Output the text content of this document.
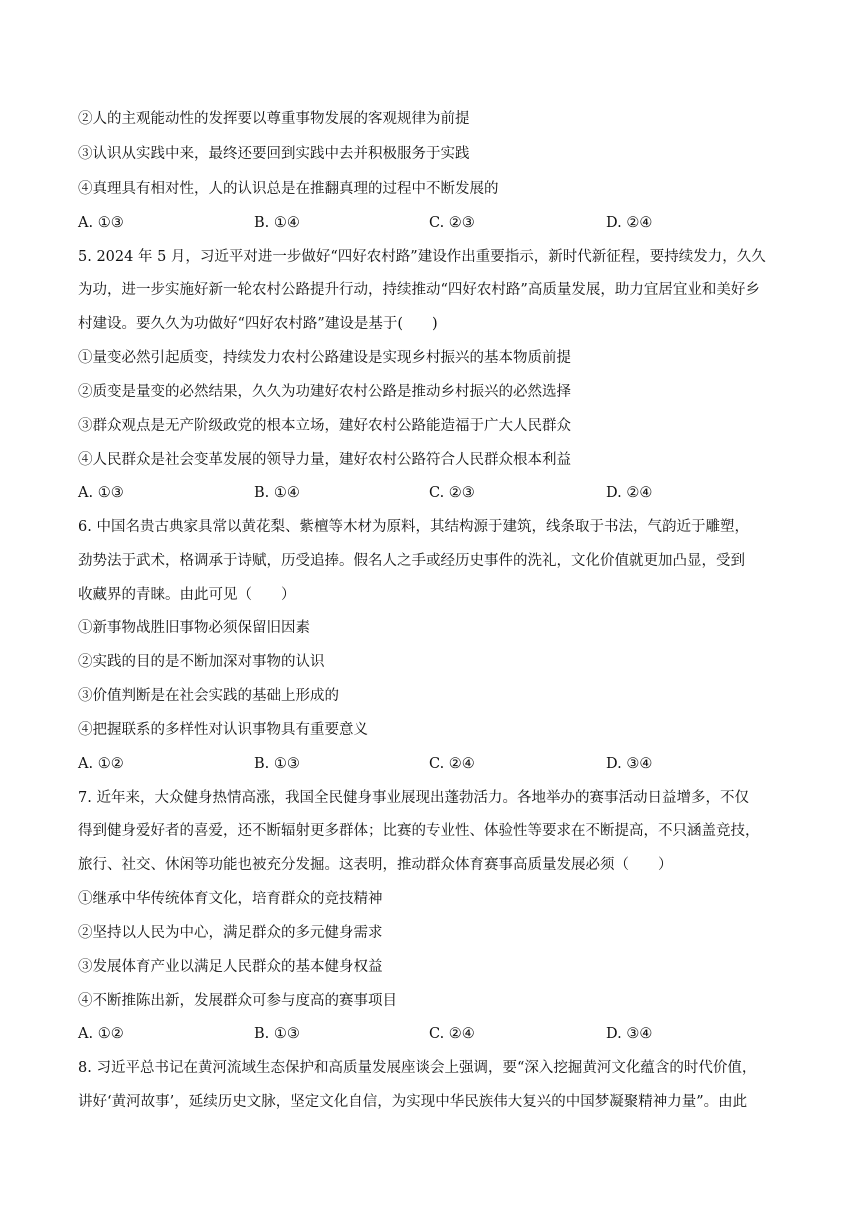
②人的主观能动性的发挥要以尊重事物发展的客观规律为前提
③认识从实践中来，最终还要回到实践中去并积极服务于实践
④真理具有相对性，人的认识总是在推翻真理的过程中不断发展的
A. ①③	B. ①④	C. ②③	D. ②④
5. 2024 年 5 月，习近平对进一步做好“四好农村路”建设作出重要指示，新时代新征程，要持续发力，久久
为功，进一步实施好新一轮农村公路提升行动，持续推动“四好农村路”高质量发展，助力宜居宜业和美好乡
村建设。要久久为功做好“四好农村路”建设是基于(　　)
①量变必然引起质变，持续发力农村公路建设是实现乡村振兴的基本物质前提
②质变是量变的必然结果，久久为功建好农村公路是推动乡村振兴的必然选择
③群众观点是无产阶级政党的根本立场，建好农村公路能造福于广大人民群众
④人民群众是社会变革发展的领导力量，建好农村公路符合人民群众根本利益
A. ①③	B. ①④	C. ②③	D. ②④
6. 中国名贵古典家具常以黄花梨、紫檀等木材为原料，其结构源于建筑，线条取于书法，气韵近于雕塑，
劲势法于武术，格调承于诗赋，历受追捧。假名人之手或经历史事件的洗礼，文化价值就更加凸显，受到
收藏界的青睐。由此可见（　　）
①新事物战胜旧事物必须保留旧因素
②实践的目的是不断加深对事物的认识
③价值判断是在社会实践的基础上形成的
④把握联系的多样性对认识事物具有重要意义
A. ①②	B. ①③	C. ②④	D. ③④
7. 近年来，大众健身热情高涨，我国全民健身事业展现出蓬勃活力。各地举办的赛事活动日益增多，不仅
得到健身爱好者的喜爱，还不断辐射更多群体；比赛的专业性、体验性等要求在不断提高，不只涵盖竞技，
旅行、社交、休闲等功能也被充分发掘。这表明，推动群众体育赛事高质量发展必须（　　）
①继承中华传统体育文化，培育群众的竞技精神
②坚持以人民为中心，满足群众的多元健身需求
③发展体育产业以满足人民群众的基本健身权益
④不断推陈出新，发展群众可参与度高的赛事项目
A. ①②	B. ①③	C. ②④	D. ③④
8. 习近平总书记在黄河流域生态保护和高质量发展座谈会上强调，要“深入挖掘黄河文化蕴含的时代价值，
讲好‘黄河故事’，延续历史文脉，坚定文化自信，为实现中华民族伟大复兴的中国梦凝聚精神力量”。由此
